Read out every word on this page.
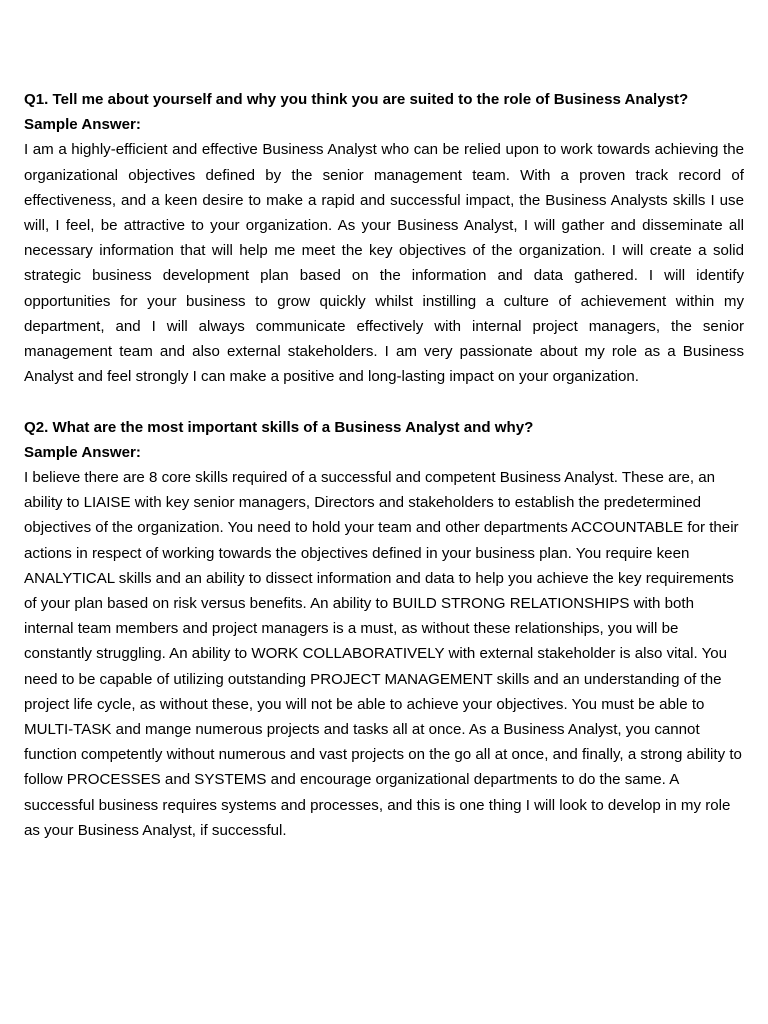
Q1. Tell me about yourself and why you think you are suited to the role of Business Analyst?

Sample Answer:

I am a highly-efficient and effective Business Analyst who can be relied upon to work towards achieving the organizational objectives defined by the senior management team. With a proven track record of effectiveness, and a keen desire to make a rapid and successful impact, the Business Analysts skills I use will, I feel, be attractive to your organization. As your Business Analyst, I will gather and disseminate all necessary information that will help me meet the key objectives of the organization. I will create a solid strategic business development plan based on the information and data gathered. I will identify opportunities for your business to grow quickly whilst instilling a culture of achievement within my department, and I will always communicate effectively with internal project managers, the senior management team and also external stakeholders. I am very passionate about my role as a Business Analyst and feel strongly I can make a positive and long-lasting impact on your organization.

Q2. What are the most important skills of a Business Analyst and why?

Sample Answer:

I believe there are 8 core skills required of a successful and competent Business Analyst. These are, an ability to LIAISE with key senior managers, Directors and stakeholders to establish the predetermined objectives of the organization. You need to hold your team and other departments ACCOUNTABLE for their actions in respect of working towards the objectives defined in your business plan. You require keen ANALYTICAL skills and an ability to dissect information and data to help you achieve the key requirements of your plan based on risk versus benefits. An ability to BUILD STRONG RELATIONSHIPS with both internal team members and project managers is a must, as without these relationships, you will be constantly struggling. An ability to WORK COLLABORATIVELY with external stakeholder is also vital. You need to be capable of utilizing outstanding PROJECT MANAGEMENT skills and an understanding of the project life cycle, as without these, you will not be able to achieve your objectives. You must be able to MULTI-TASK and mange numerous projects and tasks all at once. As a Business Analyst, you cannot function competently without numerous and vast projects on the go all at once, and finally, a strong ability to follow PROCESSES and SYSTEMS and encourage organizational departments to do the same. A successful business requires systems and processes, and this is one thing I will look to develop in my role as your Business Analyst, if successful.
